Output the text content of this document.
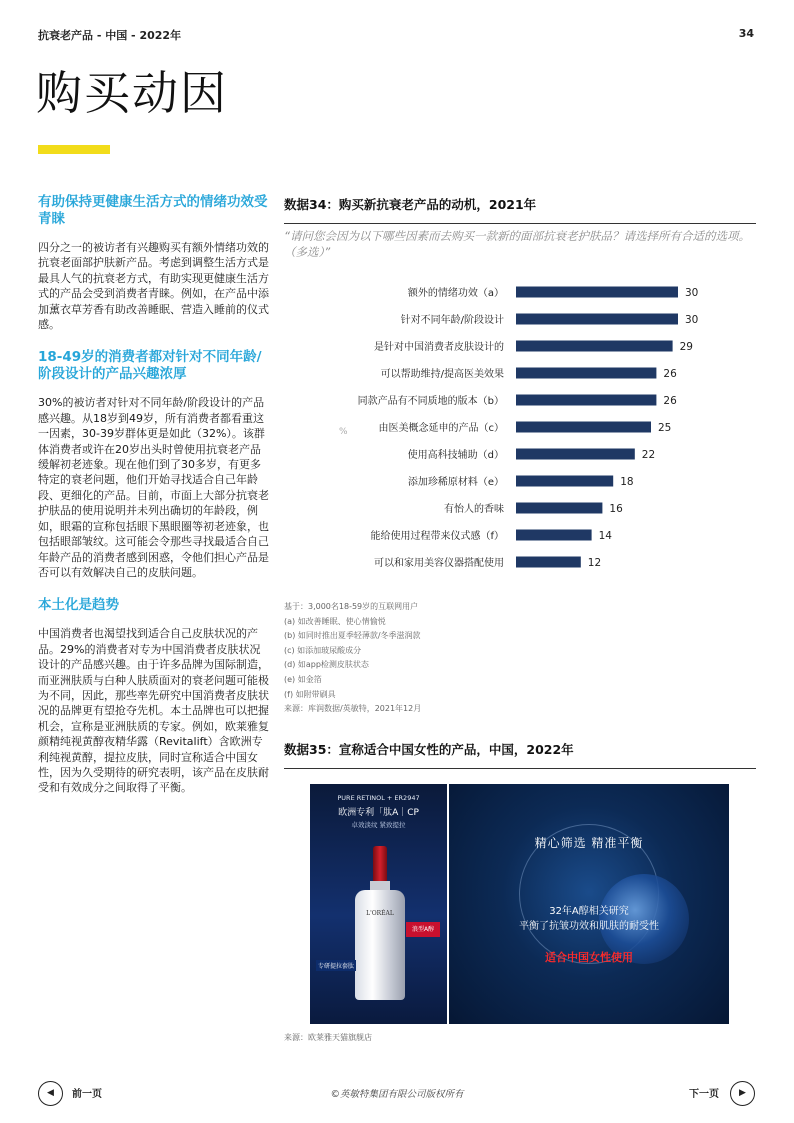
抗衰老产品 - 中国 - 2022年	34
购买动因
有助保持更健康生活方式的情绪功效受青睐
四分之一的被访者有兴趣购买有额外情绪功效的抗衰老面部护肤新产品。考虑到调整生活方式是最具人气的抗衰老方式，有助实现更健康生活方式的产品会受到消费者青睐。例如，在产品中添加薰衣草芳香有助改善睡眠、营造入睡前的仪式感。
18-49岁的消费者都对针对不同年龄/阶段设计的产品兴趣浓厚
30%的被访者对针对不同年龄/阶段设计的产品感兴趣。从18岁到49岁，所有消费者都看重这一因素，30-39岁群体更是如此（32%）。该群体消费者或许在20岁出头时曾使用抗衰老产品缓解初老迹象。现在他们到了30多岁，有更多特定的衰老问题，他们开始寻找适合自己年龄段、更细化的产品。目前，市面上大部分抗衰老护肤品的使用说明并未列出确切的年龄段，例如，眼霜的宣称包括眼下黑眼圈等初老迹象，也包括眼部皱纹。这可能会令那些寻找最适合自己年龄产品的消费者感到困惑，令他们担心产品是否可以有效解决自己的皮肤问题。
本土化是趋势
中国消费者也渴望找到适合自己皮肤状况的产品。29%的消费者对专为中国消费者皮肤状况设计的产品感兴趣。由于许多品牌为国际制造，而亚洲肤质与白种人肤质面对的衰老问题可能极为不同，因此，那些率先研究中国消费者皮肤状况的品牌更有望抢夺先机。本土品牌也可以把握机会，宣称是亚洲肤质的专家。例如，欧莱雅复颜精纯视黄醇夜精华露（Revitalift）含欧洲专利纯视黄醇，提拉皮肤，同时宣称适合中国女性，因为久受期待的研究表明，该产品在皮肤耐受和有效成分之间取得了平衡。
数据34：购买新抗衰老产品的动机，2021年
“请问您会因为以下哪些因素而去购买一款新的面部抗衰老护肤品？请选择所有合适的选项。（多选）”
额外的情绪功效（a）	30
针对不同年龄/阶段设计	30
是针对中国消费者皮肤设计的	29
可以帮助维持/提高医美效果	26
同款产品有不同质地的版本（b）	26
由医美概念延申的产品（c）	25
使用高科技辅助（d）	22
添加珍稀原材料（e）	18
有怡人的香味	16
能给使用过程带来仪式感（f）	14
可以和家用美容仪器搭配使用	12
%
基于：3,000名18-59岁的互联网用户
(a) 如改善睡眠、使心情愉悦
(b) 如同时推出夏季轻薄款/冬季滋润款
(c) 如添加玻尿酸成分
(d) 如app检测皮肤状态
(e) 如金箔
(f) 如附带刷具
来源：库润数据/英敏特，2021年12月
数据35：宣称适合中国女性的产品，中国，2022年
PURE RETINOL + ER2947
欧洲专利「肽A｜CP
卓效淡纹 紧致提拉
L'ORÉAL
浪型A醇
专研提拉套肽
精心筛选 精准平衡
32年A醇相关研究
平衡了抗皱功效和肌肤的耐受性
适合中国女性使用
来源：欧莱雅天猫旗舰店
◀	前一页	©英敏特集团有限公司版权所有	下一页	▶
